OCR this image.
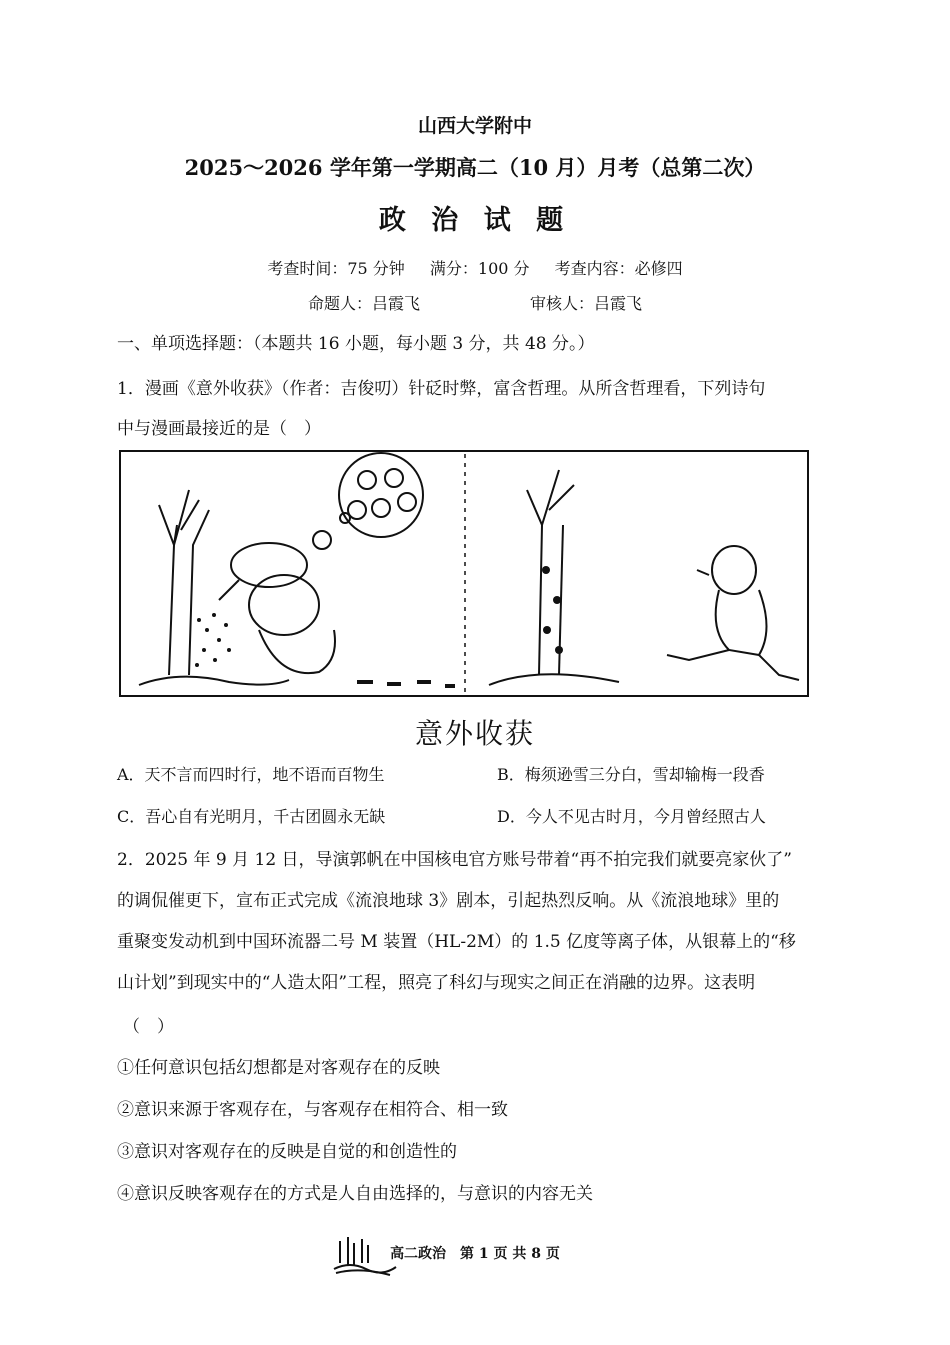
山西大学附中
2025～2026 学年第一学期高二（10 月）月考（总第二次）
政 治 试 题
考查时间：75 分钟 满分：100 分 考查内容：必修四
命题人：吕霞飞	审核人：吕霞飞
一、单项选择题：（本题共 16 小题，每小题 3 分，共 48 分。）
1．漫画《意外收获》（作者：吉俊叨）针砭时弊，富含哲理。从所含哲理看，下列诗句
中与漫画最接近的是（　）
意外收获
A．天不言而四时行，地不语而百物生	B．梅须逊雪三分白，雪却输梅一段香
C．吾心自有光明月，千古团圆永无缺	D．今人不见古时月，今月曾经照古人
2．2025 年 9 月 12 日，导演郭帆在中国核电官方账号带着“再不拍完我们就要亮家伙了”
的调侃催更下，宣布正式完成《流浪地球 3》剧本，引起热烈反响。从《流浪地球》里的
重聚变发动机到中国环流器二号 M 装置（HL-2M）的 1.5 亿度等离子体，从银幕上的“移
山计划”到现实中的“人造太阳”工程，照亮了科幻与现实之间正在消融的边界。这表明
（　）
①任何意识包括幻想都是对客观存在的反映
②意识来源于客观存在，与客观存在相符合、相一致
③意识对客观存在的反映是自觉的和创造性的
④意识反映客观存在的方式是人自由选择的，与意识的内容无关
高二政治　第 1 页 共 8 页
